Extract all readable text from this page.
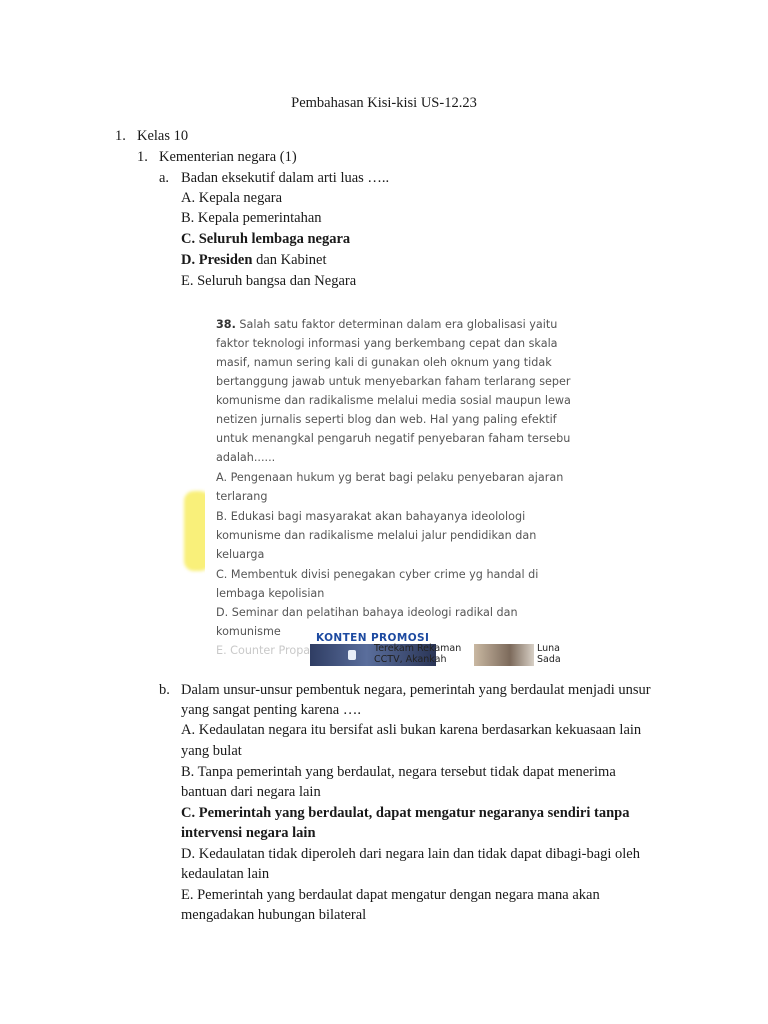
Pembahasan Kisi-kisi US-12.23
1. Kelas 10
1. Kementerian negara (1)
a. Badan eksekutif dalam arti luas …..
A. Kepala negara
B. Kepala pemerintahan
C. Seluruh lembaga negara
D. Presiden dan Kabinet
E. Seluruh bangsa dan Negara
38. Salah satu faktor determinan dalam era globalisasi yaitu
faktor teknologi informasi yang berkembang cepat dan skala
masif, namun sering kali di gunakan oleh oknum yang tidak
bertanggung jawab untuk menyebarkan faham terlarang seper
komunisme dan radikalisme melalui media sosial maupun lewa
netizen jurnalis seperti blog dan web. Hal yang paling efektif
untuk menangkal pengaruh negatif penyebaran faham tersebu
adalah......
A. Pengenaan hukum yg berat bagi pelaku penyebaran ajaran
terlarang
B. Edukasi bagi masyarakat akan bahayanya ideolologi
komunisme dan radikalisme melalui jalur pendidikan dan
keluarga
C. Membentuk divisi penegakan cyber crime yg handal di
lembaga kepolisian
D. Seminar dan pelatihan bahaya ideologi radikal dan
komunisme
E. Counter Propa
KONTEN PROMOSI
Terekam Rekaman
CCTV, Akankah
Luna
Sada
b. Dalam unsur-unsur pembentuk negara, pemerintah yang berdaulat menjadi unsur
yang sangat penting karena ….
A. Kedaulatan negara itu bersifat asli bukan karena berdasarkan kekuasaan lain
yang bulat
B. Tanpa pemerintah yang berdaulat, negara tersebut tidak dapat menerima
bantuan dari negara lain
C. Pemerintah yang berdaulat, dapat mengatur negaranya sendiri tanpa
intervensi negara lain
D. Kedaulatan tidak diperoleh dari negara lain dan tidak dapat dibagi-bagi oleh
kedaulatan lain
E. Pemerintah yang berdaulat dapat mengatur dengan negara mana akan
mengadakan hubungan bilateral
